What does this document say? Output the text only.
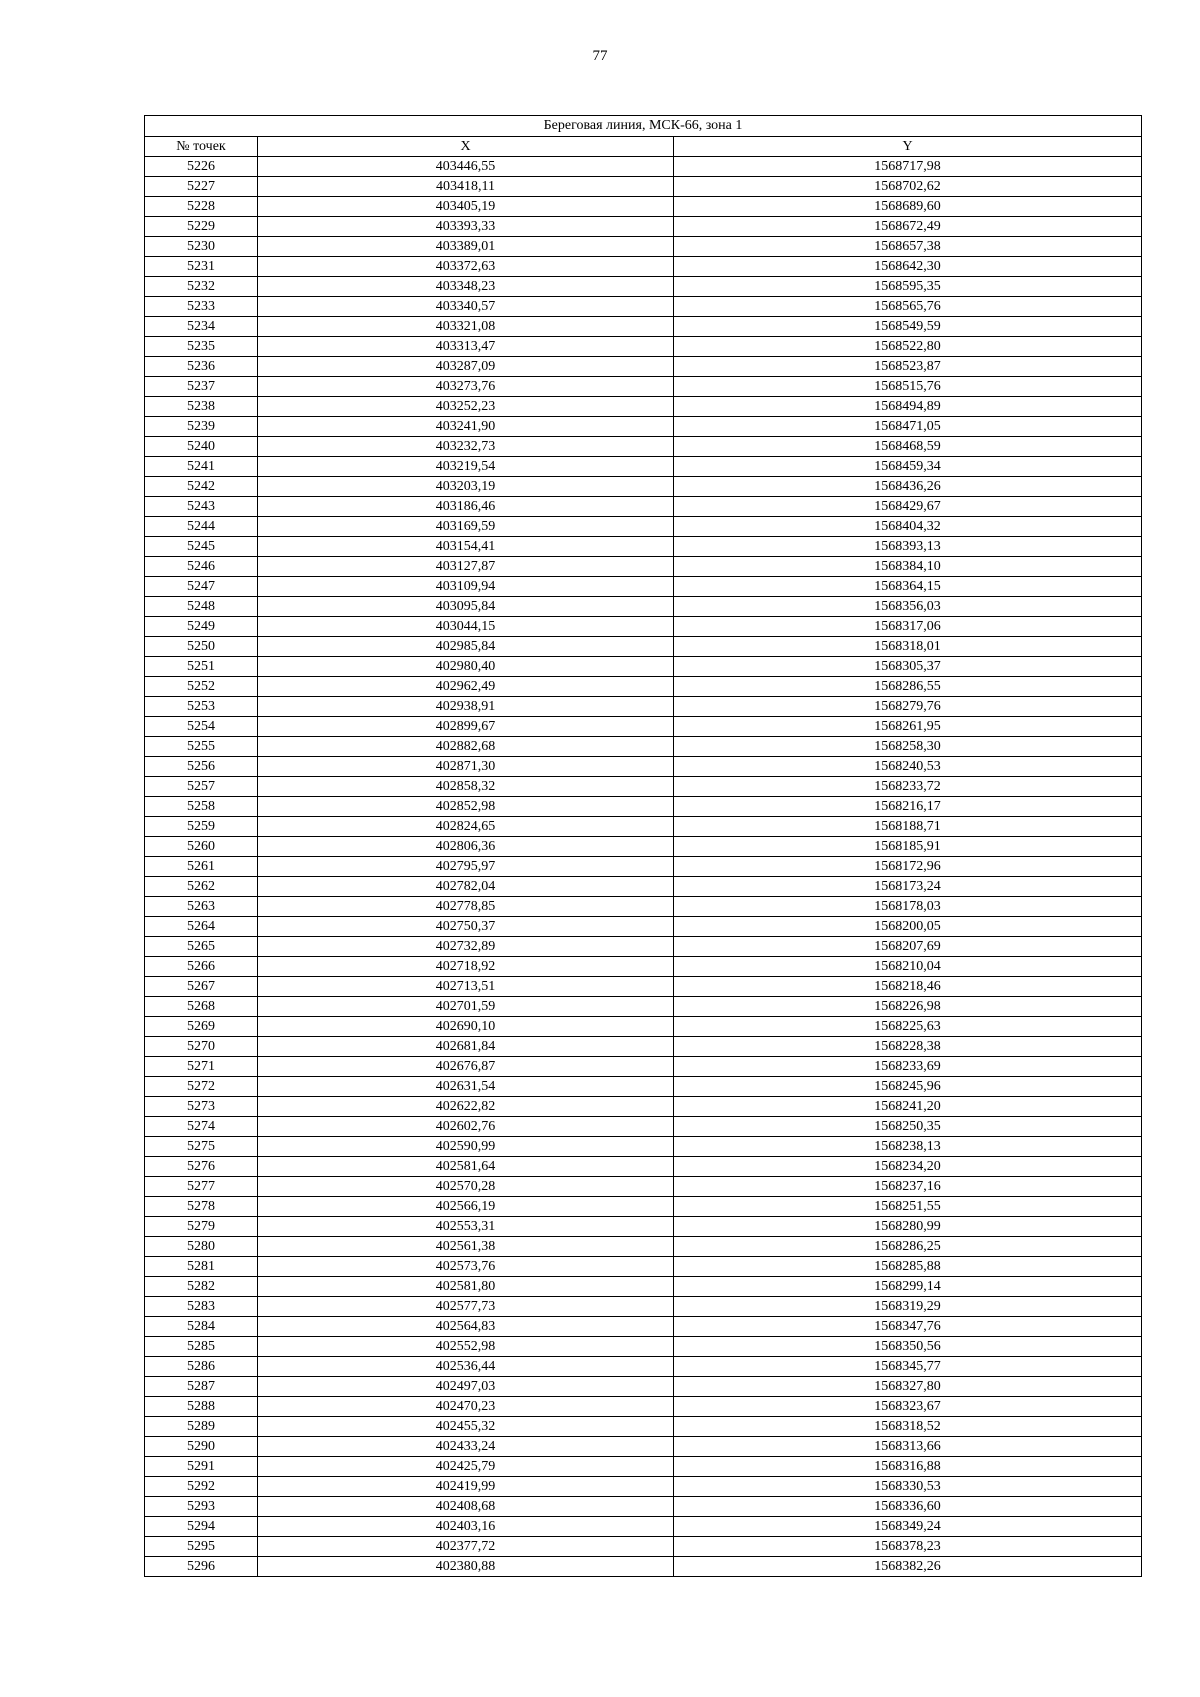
77
Береговая линия, МСК-66, зона 1		
№ точек	X	Y
5226	403446,55	1568717,98
5227	403418,11	1568702,62
5228	403405,19	1568689,60
5229	403393,33	1568672,49
5230	403389,01	1568657,38
5231	403372,63	1568642,30
5232	403348,23	1568595,35
5233	403340,57	1568565,76
5234	403321,08	1568549,59
5235	403313,47	1568522,80
5236	403287,09	1568523,87
5237	403273,76	1568515,76
5238	403252,23	1568494,89
5239	403241,90	1568471,05
5240	403232,73	1568468,59
5241	403219,54	1568459,34
5242	403203,19	1568436,26
5243	403186,46	1568429,67
5244	403169,59	1568404,32
5245	403154,41	1568393,13
5246	403127,87	1568384,10
5247	403109,94	1568364,15
5248	403095,84	1568356,03
5249	403044,15	1568317,06
5250	402985,84	1568318,01
5251	402980,40	1568305,37
5252	402962,49	1568286,55
5253	402938,91	1568279,76
5254	402899,67	1568261,95
5255	402882,68	1568258,30
5256	402871,30	1568240,53
5257	402858,32	1568233,72
5258	402852,98	1568216,17
5259	402824,65	1568188,71
5260	402806,36	1568185,91
5261	402795,97	1568172,96
5262	402782,04	1568173,24
5263	402778,85	1568178,03
5264	402750,37	1568200,05
5265	402732,89	1568207,69
5266	402718,92	1568210,04
5267	402713,51	1568218,46
5268	402701,59	1568226,98
5269	402690,10	1568225,63
5270	402681,84	1568228,38
5271	402676,87	1568233,69
5272	402631,54	1568245,96
5273	402622,82	1568241,20
5274	402602,76	1568250,35
5275	402590,99	1568238,13
5276	402581,64	1568234,20
5277	402570,28	1568237,16
5278	402566,19	1568251,55
5279	402553,31	1568280,99
5280	402561,38	1568286,25
5281	402573,76	1568285,88
5282	402581,80	1568299,14
5283	402577,73	1568319,29
5284	402564,83	1568347,76
5285	402552,98	1568350,56
5286	402536,44	1568345,77
5287	402497,03	1568327,80
5288	402470,23	1568323,67
5289	402455,32	1568318,52
5290	402433,24	1568313,66
5291	402425,79	1568316,88
5292	402419,99	1568330,53
5293	402408,68	1568336,60
5294	402403,16	1568349,24
5295	402377,72	1568378,23
5296	402380,88	1568382,26
